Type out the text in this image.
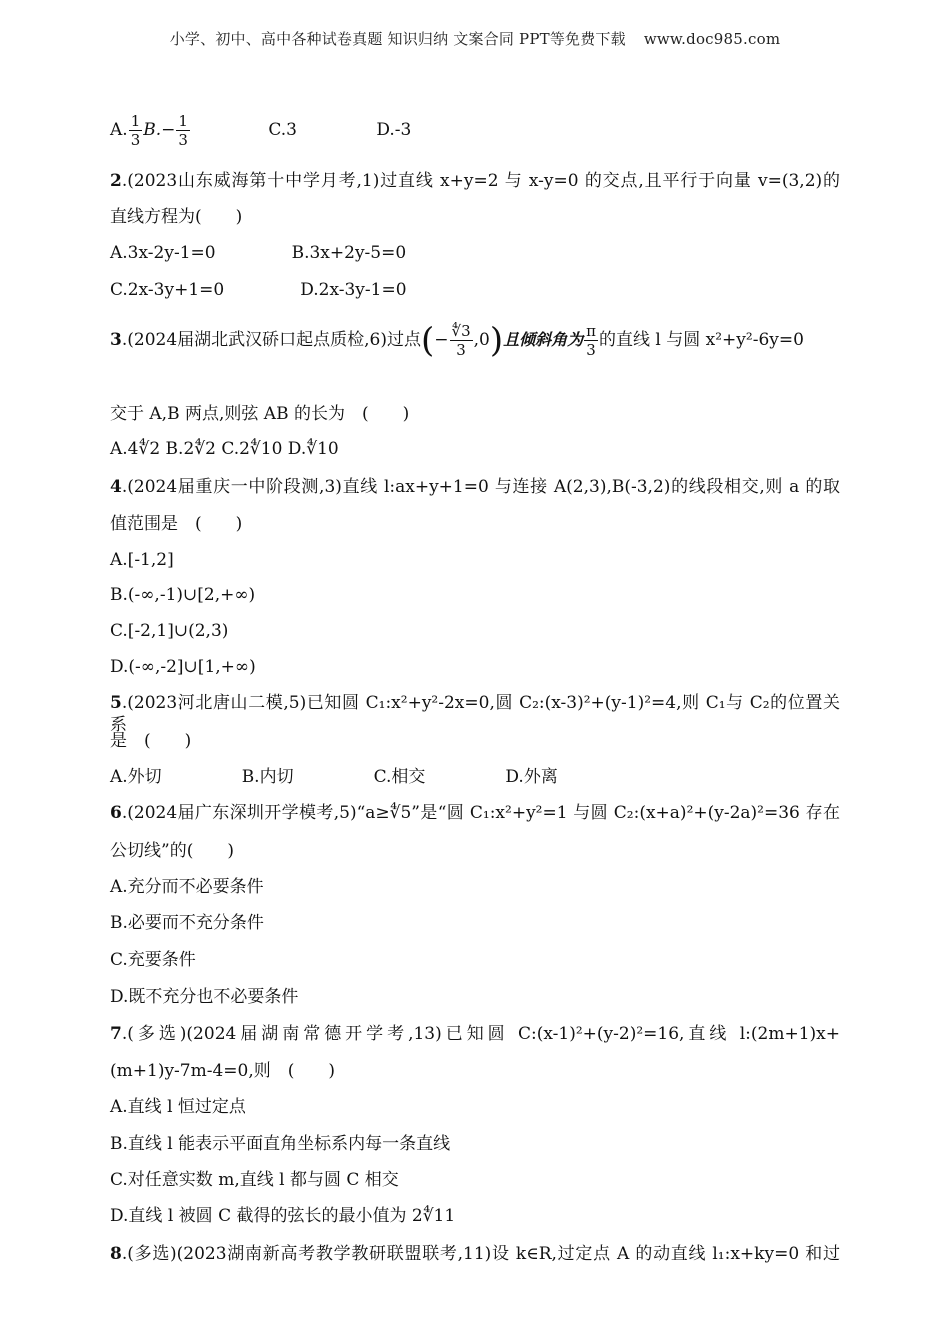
小学、初中、高中各种试卷真题 知识归纳 文案合同 PPT等免费下载 www.doc985.com
A. $\frac{1}{3} B.- \frac{1}{3}$	C.3	D.-3
2.(2023山东威海第十中学月考,1)过直线 x+y=2 与 x-y=0 的交点,且平行于向量 v=(3,2)的
直线方程为(　　)
A.3x-2y-1=0	B.3x+2y-5=0
C.2x-3y+1=0	D.2x-3y-1=0
3.(2024届湖北武汉硚口起点质检,6)过点(− $\frac{∜3}{3} ,0$)且倾斜角为 $\frac{\pi}{3}$ 的直线 l 与圆 x²+y²-6y=0
交于 A,B 两点,则弦 AB 的长为　(　　)
A.4∜2 B.2∜2 C.2∜10 D.∜10
4.(2024届重庆一中阶段测,3)直线 l:ax+y+1=0 与连接 A(2,3),B(-3,2)的线段相交,则 a 的取
值范围是　(　　)
A.[-1,2]
B.(-∞,-1)∪[2,+∞)
C.[-2,1]∪(2,3)
D.(-∞,-2]∪[1,+∞)
5.(2023河北唐山二模,5)已知圆 C₁:x²+y²-2x=0,圆 C₂:(x-3)²+(y-1)²=4,则 C₁与 C₂的位置关系
是　(　　)
A.外切	B.内切	C.相交	D.外离
6.(2024届广东深圳开学模考,5)“a≥∜5”是“圆 C₁:x²+y²=1 与圆 C₂:(x+a)²+(y-2a)²=36 存在
公切线”的(　　)
A.充分而不必要条件
B.必要而不充分条件
C.充要条件
D.既不充分也不必要条件
7.(多选)(2024届湖南常德开学考,13)已知圆 C:(x-1)²+(y-2)²=16,直线 l:(2m+1)x+
(m+1)y-7m-4=0,则　(　　)
A.直线 l 恒过定点
B.直线 l 能表示平面直角坐标系内每一条直线
C.对任意实数 m,直线 l 都与圆 C 相交
D.直线 l 被圆 C 截得的弦长的最小值为 2∜11
8.(多选)(2023湖南新高考教学教研联盟联考,11)设 k∈R,过定点 A 的动直线 l₁:x+ky=0 和过
